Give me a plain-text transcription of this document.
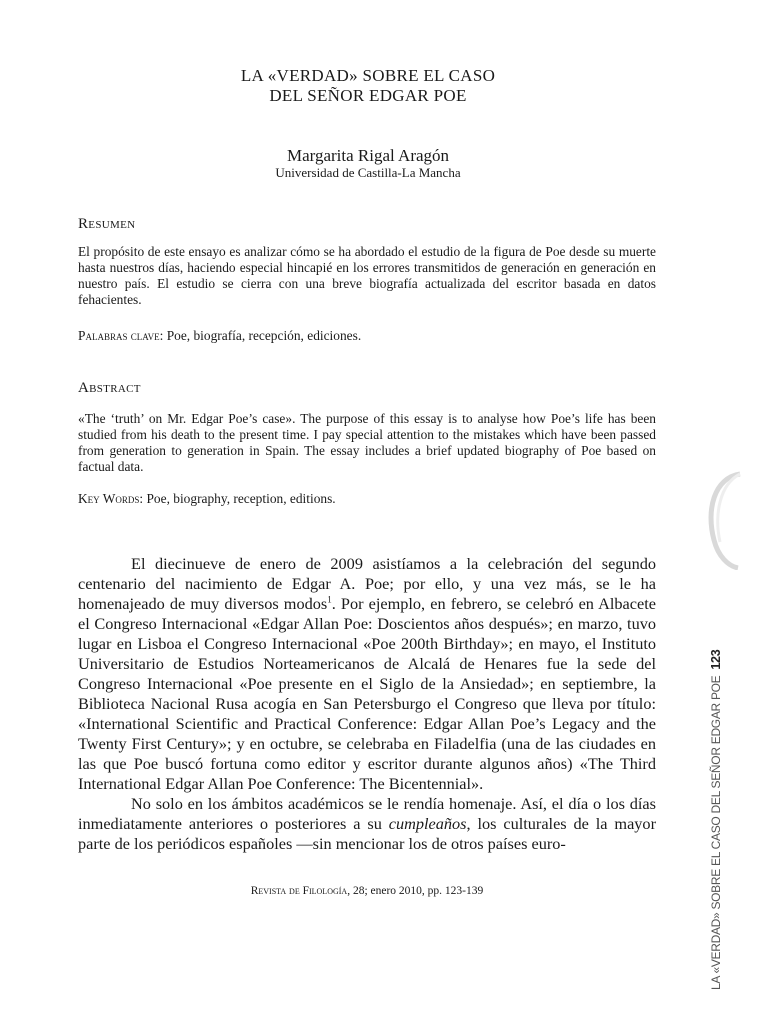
LA «VERDAD» SOBRE EL CASO
DEL SEÑOR EDGAR POE
Margarita Rigal Aragón
Universidad de Castilla-La Mancha
Resumen

El propósito de este ensayo es analizar cómo se ha abordado el estudio de la figura de Poe desde su muerte hasta nuestros días, haciendo especial hincapié en los errores transmitidos de generación en generación en nuestro país. El estudio se cierra con una breve biografía actualizada del escritor basada en datos fehacientes.

Palabras clave: Poe, biografía, recepción, ediciones.

Abstract

«The ‘truth’ on Mr. Edgar Poe’s case». The purpose of this essay is to analyse how Poe’s life has been studied from his death to the present time. I pay special attention to the mistakes which have been passed from generation to generation in Spain. The essay includes a brief updated biography of Poe based on factual data.

Key Words: Poe, biography, reception, editions.

El diecinueve de enero de 2009 asistíamos a la celebración del segundo centenario del nacimiento de Edgar A. Poe; por ello, y una vez más, se le ha homenajeado de muy diversos modos$^1$. Por ejemplo, en febrero, se celebró en Albacete el Congreso Internacional «Edgar Allan Poe: Doscientos años después»; en marzo, tuvo lugar en Lisboa el Congreso Internacional «Poe 200th Birthday»; en mayo, el Instituto Universitario de Estudios Norteamericanos de Alcalá de Henares fue la sede del Congreso Internacional «Poe presente en el Siglo de la Ansiedad»; en septiembre, la Biblioteca Nacional Rusa acogía en San Petersburgo el Congreso que lleva por título: «International Scientific and Practical Conference: Edgar Allan Poe’s Legacy and the Twenty First Century»; y en octubre, se celebraba en Filadelfia (una de las ciudades en las que Poe buscó fortuna como editor y escritor durante algunos años) «The Third International Edgar Allan Poe Conference: The Bicentennial».

No solo en los ámbitos académicos se le rendía homenaje. Así, el día o los días inmediatamente anteriores o posteriores a su cumpleaños, los culturales de la mayor parte de los periódicos españoles —sin mencionar los de otros países euro-

Revista de Filología, 28; enero 2010, pp. 123-139	LA «VERDAD» SOBRE EL CASO DEL SEÑOR EDGAR POE123
